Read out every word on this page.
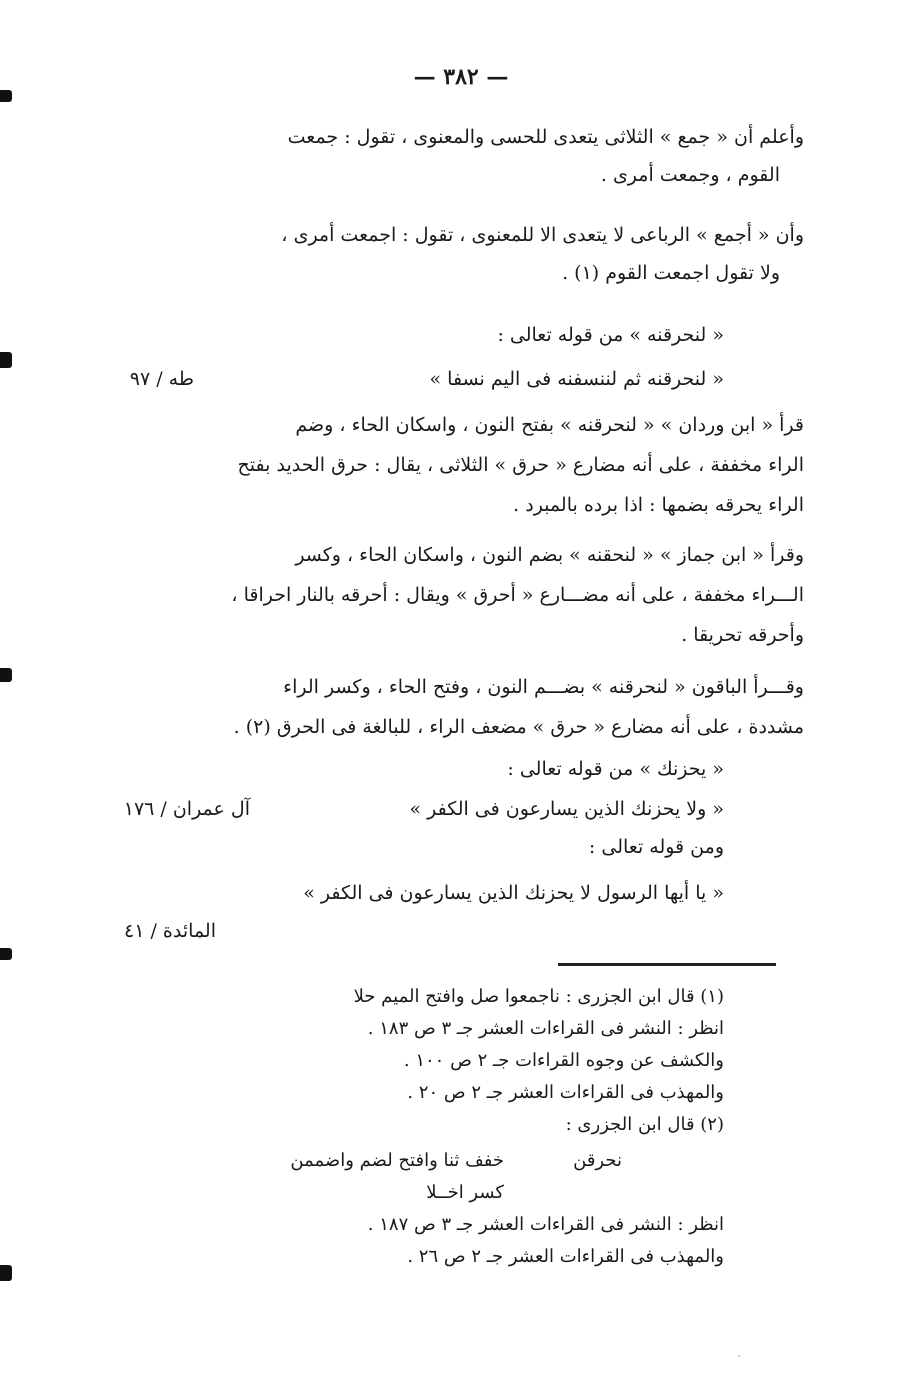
— ٣٨٢ —
وأعلم أن « جمع » الثلاثى يتعدى للحسى والمعنوى ، تقول : جمعت
القوم ، وجمعت أمرى .
وأن « أجمع » الرباعى لا يتعدى الا للمعنوى ، تقول : اجمعت أمرى ،
ولا تقول اجمعت القوم (١) .
« لنحرقنه » من قوله تعالى :
« لنحرقنه ثم لننسفنه فى اليم نسفا »
طه / ٩٧
قرأ « ابن وردان » « لنحرقنه » بفتح النون ، واسكان الحاء ، وضم
الراء مخففة ، على أنه مضارع « حرق » الثلاثى ، يقال : حرق الحديد بفتح
الراء يحرقه بضمها : اذا برده بالمبرد .
وقرأ « ابن جماز » « لنحقنه » بضم النون ، واسكان الحاء ، وكسر
الـــراء مخففة ، على أنه مضـــارع « أحرق » ويقال : أحرقه بالنار احراقا ،
وأحرقه تحريقا .
وقـــرأ الباقون « لنحرقنه » بضـــم النون ، وفتح الحاء ، وكسر الراء
مشددة ، على أنه مضارع « حرق » مضعف الراء ، للبالغة فى الحرق (٢) .
« يحزنك » من قوله تعالى :
« ولا يحزنك الذين يسارعون فى الكفر »
آل عمران / ١٧٦
ومن قوله تعالى :
« يا أيها الرسول لا يحزنك الذين يسارعون فى الكفر »
المائدة / ٤١
(١) قال ابن الجزرى : ناجمعوا صل وافتح الميم حلا
انظر : النشر فى القراءات العشر جـ ٣ ص ١٨٣ .
والكشف عن وجوه القراءات جـ ٢ ص ١٠٠ .
والمهذب فى القراءات العشر جـ ٢ ص ٢٠ .
(٢) قال ابن الجزرى :
نحرقن
خفف ثنا وافتح لضم واضممن
كسر اخــلا
انظر : النشر فى القراءات العشر جـ ٣ ص ١٨٧ .
والمهذب فى القراءات العشر جـ ٢ ص ٢٦ .
